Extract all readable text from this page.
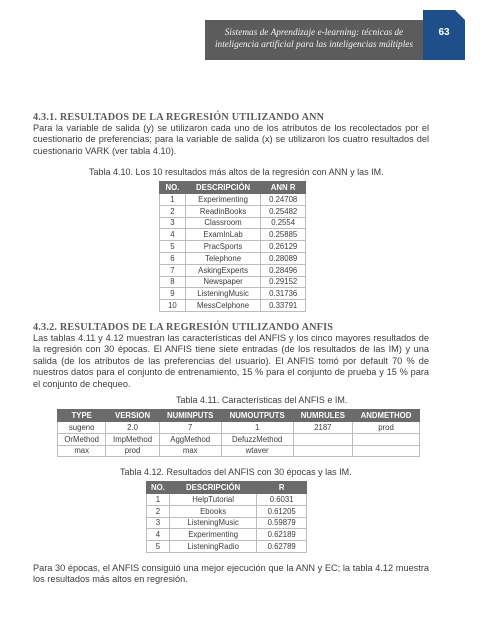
Sistemas de Aprendizaje e-learning: técnicas de
inteligencia artificial para las inteligencias múltiples
63
4.3.1. RESULTADOS DE LA REGRESIÓN UTILIZANDO ANN
Para la variable de salida (y) se utilizaron cada uno de los atributos de los recolectados por el cuestionario de preferencias; para la variable de salida (x) se utilizaron los cuatro resultados del cuestionario VARK (ver tabla 4.10).
Tabla 4.10. Los 10 resultados más altos de la regresión con ANN y las IM.
NO.	DESCRIPCIÓN	ANN R
1	Experimenting	0.24708
2	ReadinBooks	0.25482
3	Classroom	0.2554
4	ExamInLab	0.25885
5	PracSports	0.26129
6	Telephone	0.28089
7	AskingExperts	0.28496
8	Newspaper	0.29152
9	ListeningMusic	0.31736
10	MessCelphone	0.33791
4.3.2. RESULTADOS DE LA REGRESIÓN UTILIZANDO ANFIS
Las tablas 4.11 y 4.12 muestran las características del ANFIS y los cinco mayores resultados de la regresión con 30 épocas. El ANFIS tiene siete entradas (de los resultados de las IM) y una salida (de los atributos de las preferencias del usuario). El ANFIS tomó por default 70 % de nuestros datos para el conjunto de entrenamiento, 15 % para el conjunto de prueba y 15 % para el conjunto de chequeo.
Tabla 4.11. Características del ANFIS e IM.
TYPE	VERSION	NUMINPUTS	NUMOUTPUTS	NUMRULES	ANDMETHOD
sugeno	2.0	7	1	2187	prod
OrMethod	ImpMethod	AggMethod	DefuzzMethod		
max	prod	max	wtaver		
Tabla 4.12. Resultados del ANFIS con 30 épocas y las IM.
NO.	DESCRIPCIÓN	R
1	HelpTutorial	0.6031
2	Ebooks	0.61205
3	ListeningMusic	0.59879
4	Experimenting	0.62189
5	ListeningRadio	0.62789
Para 30 épocas, el ANFIS consiguió una mejor ejecución que la ANN y EC; la tabla 4.12 muestra los resultados más altos en regresión.
